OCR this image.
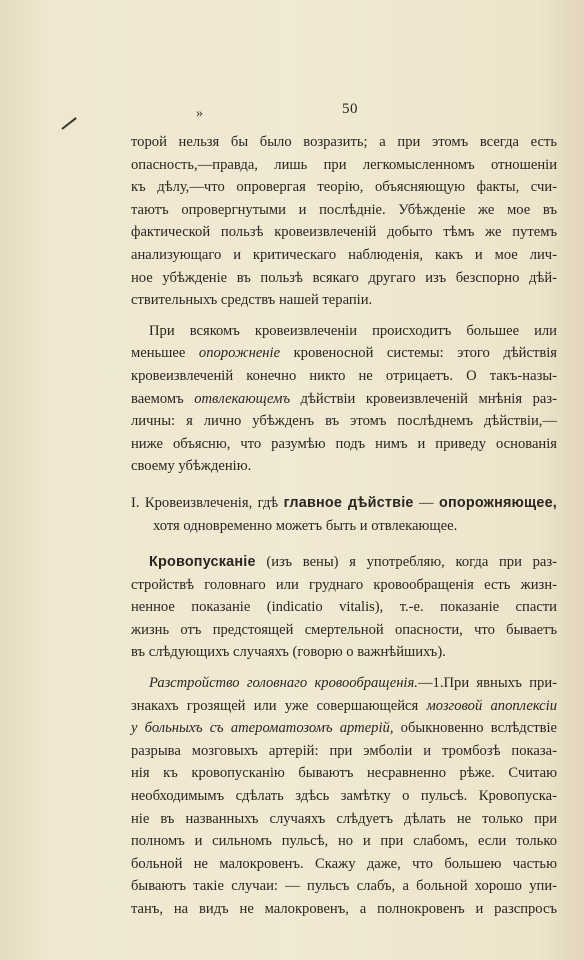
»	50
торой нельзя бы было возразить; а при этомъ всегда есть
опасность,—правда, лишь при легкомысленномъ отношеніи
къ дѣлу,—что опровергая теорію, объясняющую факты, счи-
таютъ опровергнутыми и послѣдніе. Убѣжденіе же мое въ
фактической пользѣ кровеизвлеченій добыто тѣмъ же путемъ
анализующаго и критическаго наблюденія, какъ и мое лич-
ное убѣжденіе въ пользѣ всякаго другаго изъ безспорно дѣй-
ствительныхъ средствъ нашей терапіи.
При всякомъ кровеизвлеченіи происходитъ большее или
меньшее опорожненіе кровеносной системы: этого дѣйствія
кровеизвлеченій конечно никто не отрицаетъ. О такъ-назы-
ваемомъ отвлекающемъ дѣйствіи кровеизвлеченій мнѣнія раз-
личны: я лично убѣжденъ въ этомъ послѣднемъ дѣйствіи,—
ниже объясню, что разумѣю подъ нимъ и приведу основанія
своему убѣжденію.
I. Кровеизвлеченія, гдѣ главное дѣйствіе — опорожняющее,
хотя одновременно можетъ быть и отвлекающее.
Кровопусканіе (изъ вены) я употребляю, когда при раз-
стройствѣ головнаго или груднаго кровообращенія есть жизн-
ненное показаніе (indicatio vitalis), т.-е. показаніе спасти
жизнь отъ предстоящей смертельной опасности, что бываетъ
въ слѣдующихъ случаяхъ (говорю о важнѣйшихъ).
Разстройство головнаго кровообращенія.—1.При явныхъ при-
знакахъ грозящей или уже совершающейся мозговой апоплексіи
у больныхъ съ атероматозомъ артерій, обыкновенно вслѣдствіе
разрыва мозговыхъ артерій: при эмболіи и тромбозѣ показа-
нія къ кровопусканію бываютъ несравненно рѣже. Считаю
необходимымъ сдѣлать здѣсь замѣтку о пульсѣ. Кровопуска-
ніе въ названныхъ случаяхъ слѣдуетъ дѣлать не только при
полномъ и сильномъ пульсѣ, но и при слабомъ, если только
больной не малокровенъ. Скажу даже, что большею частью
бываютъ такіе случаи: — пульсъ слабъ, а больной хорошо упи-
танъ, на видъ не малокровенъ, а полнокровенъ и разспросъ
